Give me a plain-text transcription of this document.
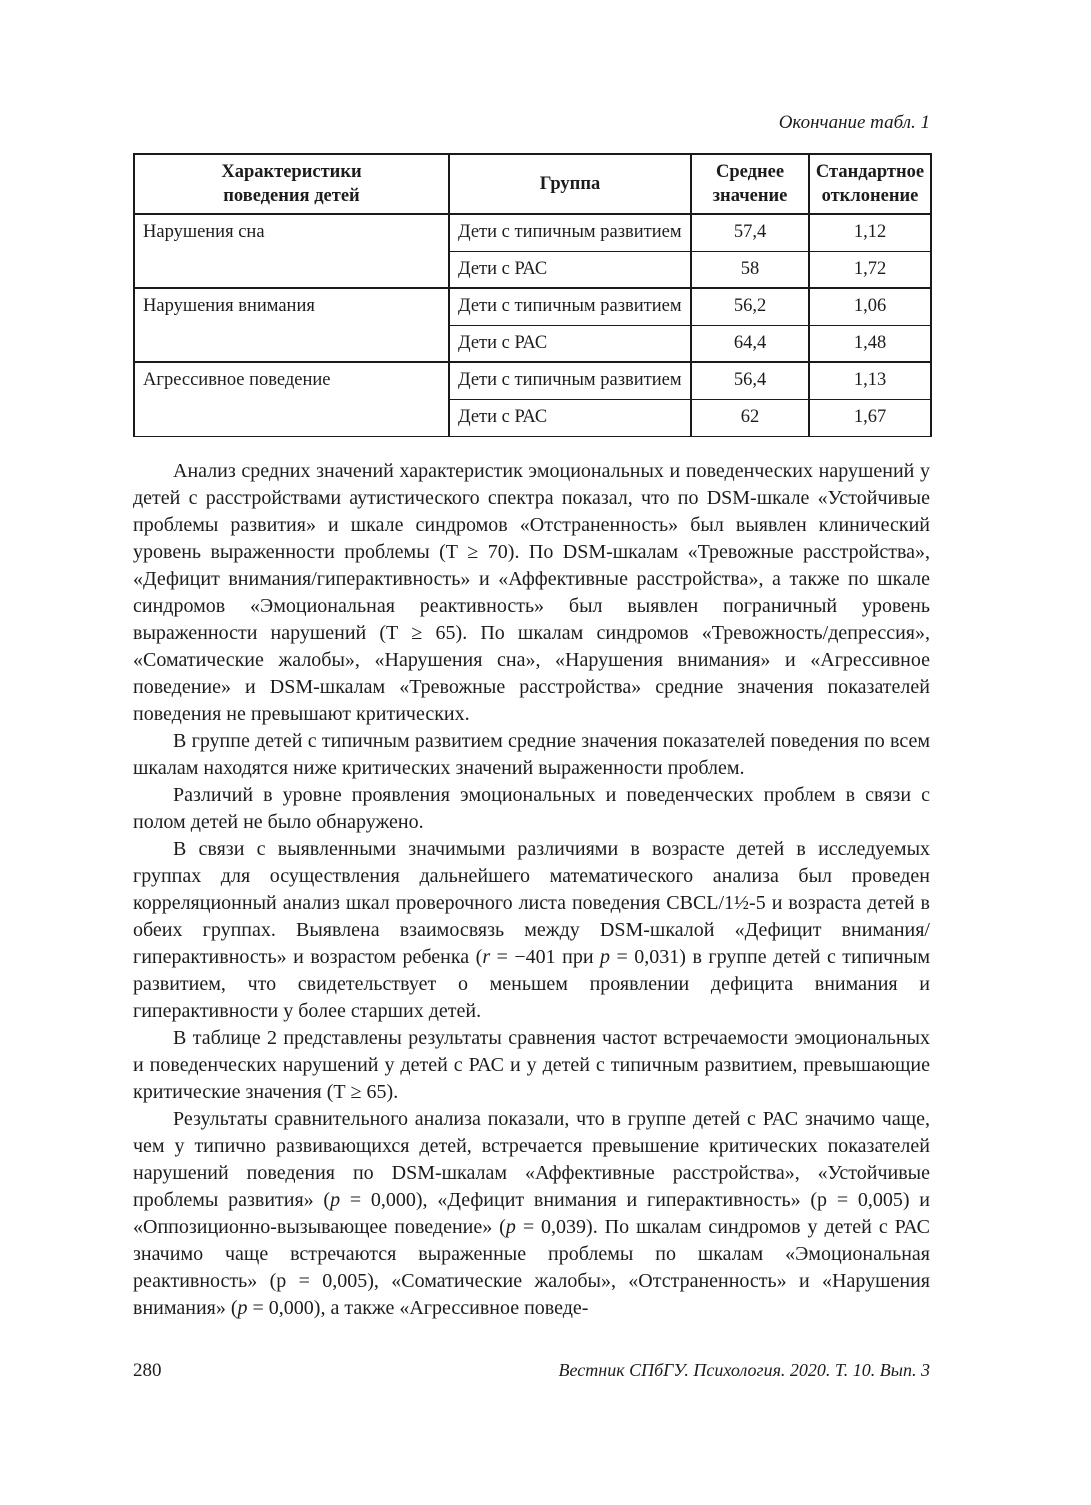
Окончание табл. 1
Характеристики поведения детей	Группа	Среднее значение	Стандартное отклонение

Нарушения сна	Дети с типичным развитием	57,4	1,12
	Дети с РАС	58	1,72
Нарушения внимания	Дети с типичным развитием	56,2	1,06
	Дети с РАС	64,4	1,48
Агрессивное поведение	Дети с типичным развитием	56,4	1,13
	Дети с РАС	62	1,67

Анализ средних значений характеристик эмоциональных и поведенческих нарушений у детей с расстройствами аутистического спектра показал, что по DSM-шкале «Устойчивые проблемы развития» и шкале синдромов «Отстраненность» был выявлен клинический уровень выраженности проблемы (Т ≥ 70). По DSM-шкалам «Тревожные расстройства», «Дефицит внимания/гиперактивность» и «Аффективные расстройства», а также по шкале синдромов «Эмоциональная реактивность» был выявлен пограничный уровень выраженности нарушений (Т ≥ 65). По шкалам синдромов «Тревожность/депрессия», «Соматические жалобы», «Нарушения сна», «Нарушения внимания» и «Агрессивное поведение» и DSM-шкалам «Тревожные расстройства» средние значения показателей поведения не превышают критических.

В группе детей с типичным развитием средние значения показателей поведения по всем шкалам находятся ниже критических значений выраженности проблем.

Различий в уровне проявления эмоциональных и поведенческих проблем в связи с полом детей не было обнаружено.

В связи с выявленными значимыми различиями в возрасте детей в исследуемых группах для осуществления дальнейшего математического анализа был проведен корреляционный анализ шкал проверочного листа поведения CBCL/1½-5 и возраста детей в обеих группах. Выявлена взаимосвязь между DSM-шкалой «Дефицит внимания/гиперактивность» и возрастом ребенка (r = −401 при p = 0,031) в группе детей с типичным развитием, что свидетельствует о меньшем проявлении дефицита внимания и гиперактивности у более старших детей.

В таблице 2 представлены результаты сравнения частот встречаемости эмоциональных и поведенческих нарушений у детей с РАС и у детей с типичным развитием, превышающие критические значения (Т ≥ 65).

Результаты сравнительного анализа показали, что в группе детей с РАС значимо чаще, чем у типично развивающихся детей, встречается превышение критических показателей нарушений поведения по DSM-шкалам «Аффективные расстройства», «Устойчивые проблемы развития» (p = 0,000), «Дефицит внимания и гиперактивность» (р = 0,005) и «Оппозиционно-вызывающее поведение» (p = 0,039). По шкалам синдромов у детей с РАС значимо чаще встречаются выраженные проблемы по шкалам «Эмоциональная реактивность» (р = 0,005), «Соматические жалобы», «Отстраненность» и «Нарушения внимания» (p = 0,000), а также «Агрессивное поведе-

280	Вестник СПбГУ. Психология. 2020. Т. 10. Вып. 3
